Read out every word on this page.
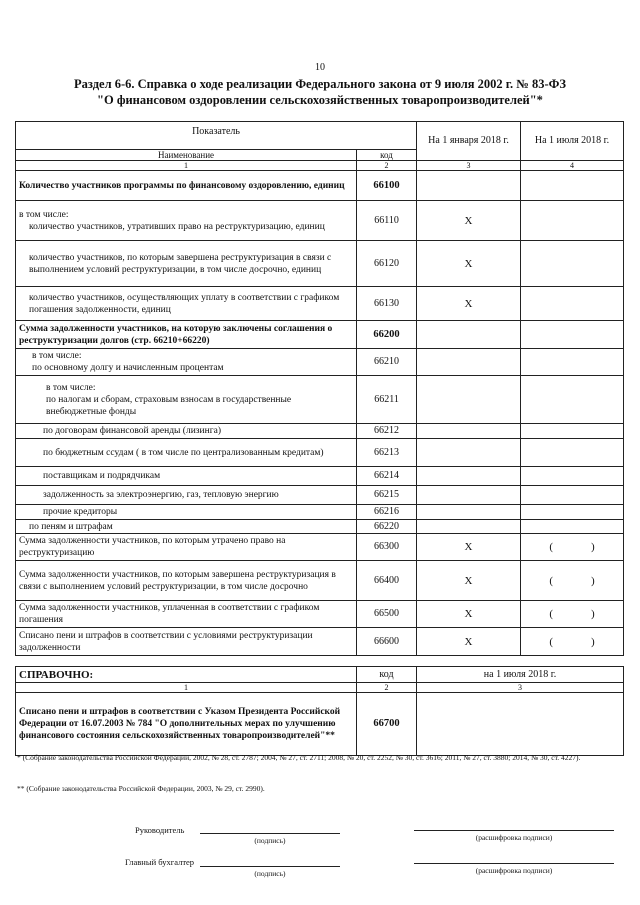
10
Раздел 6-6. Справка о ходе реализации Федерального закона от 9 июля 2002 г. № 83-ФЗ
"О финансовом оздоровлении сельскохозяйственных товаропроизводителей"*
Показатель		На 1 января 2018 г.	На 1 июля 2018 г.
Наименование	код		
1	2	3	4
Количество участников программы по финансовому оздоровлению, единиц	66100		

в том числе:
количество участников, утративших право на реструктуризацию, единиц	66110	X	
количество участников, по которым завершена реструктуризация в связи с выполнением условий реструктуризации, в том числе досрочно, единиц	66120	X	
количество участников, осуществляющих уплату в соответствии с графиком погашения задолженности, единиц	66130	X	
Сумма задолженности участников, на которую заключены соглашения о реструктуризации долгов (стр. 66210+66220)	66200		

в том числе:
по основному долгу и начисленным процентам	66210		

в том числе:
по налогам и сборам, страховым взносам в государственные внебюджетные фонды	66211		
по договорам финансовой аренды (лизинга)	66212		
по бюджетным ссудам ( в том числе по централизованным кредитам)	66213		
поставщикам и подрядчикам	66214		
задолженность за электроэнергию, газ, тепловую энергию	66215		
прочие кредиторы	66216		
по пеням и штрафам	66220		
Сумма задолженности участников, по которым утрачено право на реструктуризацию	66300	X	( )
Сумма задолженности участников, по которым завершена реструктуризация в связи с выполнением условий реструктуризации, в том числе досрочно	66400	X	( )
Сумма задолженности участников, уплаченная в соответствии с графиком погашения	66500	X	( )
Списано пени и штрафов в соответствии с условиями реструктуризации задолженности	66600	X	( )
СПРАВОЧНО:	код	на 1 июля 2018 г.
1	2	3
Списано пени и штрафов в соответствии с Указом Президента Российской Федерации от 16.07.2003 № 784 "О дополнительных мерах по улучшению финансового состояния сельскохозяйственных товаропроизводителей"**	66700	
* (Собрание законодательства Российской Федерации, 2002, № 28, ст. 2787; 2004, № 27, ст. 2711; 2008, № 20, ст. 2252, № 30, ст. 3616; 2011, № 27, ст. 3880; 2014, № 30, ст. 4227).
** (Собрание законодательства Российской Федерации, 2003, № 29, ст. 2990).
Руководитель
(подпись)	(расшифровка подписи)
Главный бухгалтер
(подпись)	(расшифровка подписи)
